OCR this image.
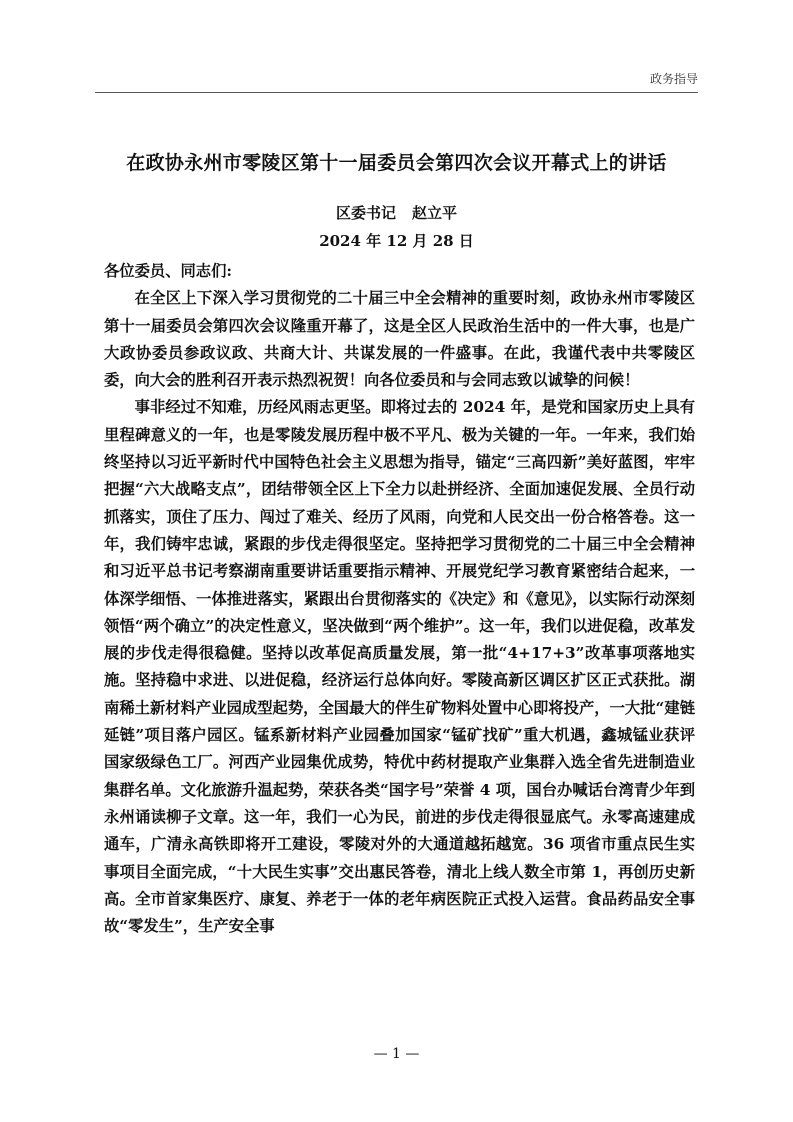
政务指导
在政协永州市零陵区第十一届委员会第四次会议开幕式上的讲话
区委书记 赵立平
2024 年 12 月 28 日

各位委员、同志们:

在全区上下深入学习贯彻党的二十届三中全会精神的重要时刻，政协永州市零陵区第十一届委员会第四次会议隆重开幕了，这是全区人民政治生活中的一件大事，也是广大政协委员参政议政、共商大计、共谋发展的一件盛事。在此，我谨代表中共零陵区委，向大会的胜利召开表示热烈祝贺！向各位委员和与会同志致以诚挚的问候！

事非经过不知难，历经风雨志更坚。即将过去的 2024 年，是党和国家历史上具有里程碑意义的一年，也是零陵发展历程中极不平凡、极为关键的一年。一年来，我们始终坚持以习近平新时代中国特色社会主义思想为指导，锚定“三高四新”美好蓝图，牢牢把握“六大战略支点”，团结带领全区上下全力以赴拼经济、全面加速促发展、全员行动抓落实，顶住了压力、闯过了难关、经历了风雨，向党和人民交出一份合格答卷。这一年，我们铸牢忠诚，紧跟的步伐走得很坚定。坚持把学习贯彻党的二十届三中全会精神和习近平总书记考察湖南重要讲话重要指示精神、开展党纪学习教育紧密结合起来，一体深学细悟、一体推进落实，紧跟出台贯彻落实的《决定》和《意见》，以实际行动深刻领悟“两个确立”的决定性意义，坚决做到“两个维护”。这一年，我们以进促稳，改革发展的步伐走得很稳健。坚持以改革促高质量发展，第一批“4+17+3”改革事项落地实施。坚持稳中求进、以进促稳，经济运行总体向好。零陵高新区调区扩区正式获批。湖南稀土新材料产业园成型起势，全国最大的伴生矿物料处置中心即将投产，一大批“建链延链”项目落户园区。锰系新材料产业园叠加国家“锰矿找矿”重大机遇，鑫城锰业获评国家级绿色工厂。河西产业园集优成势，特优中药材提取产业集群入选全省先进制造业集群名单。文化旅游升温起势，荣获各类“国字号”荣誉 4 项，国台办喊话台湾青少年到永州诵读柳子文章。这一年，我们一心为民，前进的步伐走得很显底气。永零高速建成通车，广清永高铁即将开工建设，零陵对外的大通道越拓越宽。36 项省市重点民生实事项目全面完成，“十大民生实事”交出惠民答卷，清北上线人数全市第 1，再创历史新高。全市首家集医疗、康复、养老于一体的老年病医院正式投入运营。食品药品安全事故“零发生”，生产安全事

— 1 —
